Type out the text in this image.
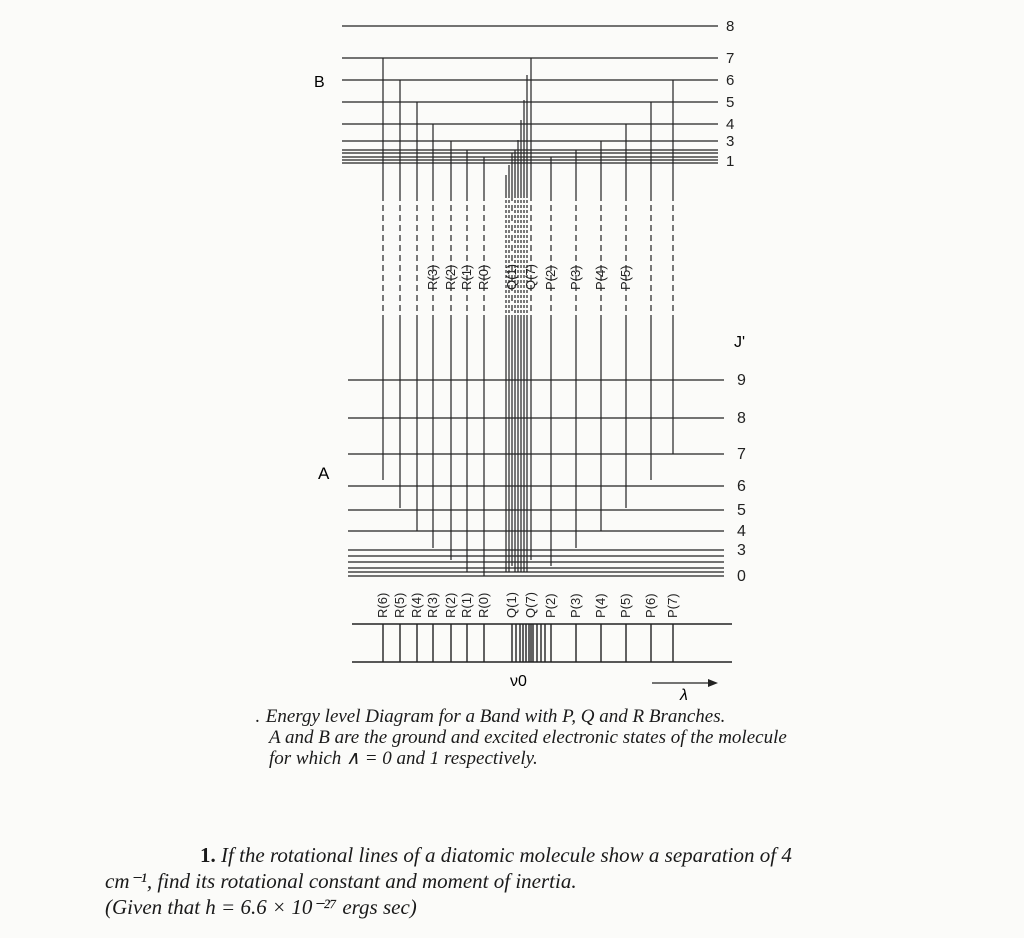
8
7
6
5
4
3
1
9
8
7
6
5
4
3
0
R(6) R(5) R(4) R(3) R(2) R(1) R(0) Q(1) Q(7) P(2) P(3) P(4) P(5) P(6) P(7)
R(3) R(2) R(1) R(0) Q(1) Q(7) P(2) P(3) P(4) P(5)
B
A
J'
ν0
λ
. Energy level Diagram for a Band with P, Q and R Branches.
A and B are the ground and excited electronic states of the molecule
for which ∧ = 0 and 1 respectively.
1. If the rotational lines of a diatomic molecule show a separation of 4
cm⁻¹, find its rotational constant and moment of inertia.
(Given that h = 6.6 × 10⁻²⁷ ergs sec)
